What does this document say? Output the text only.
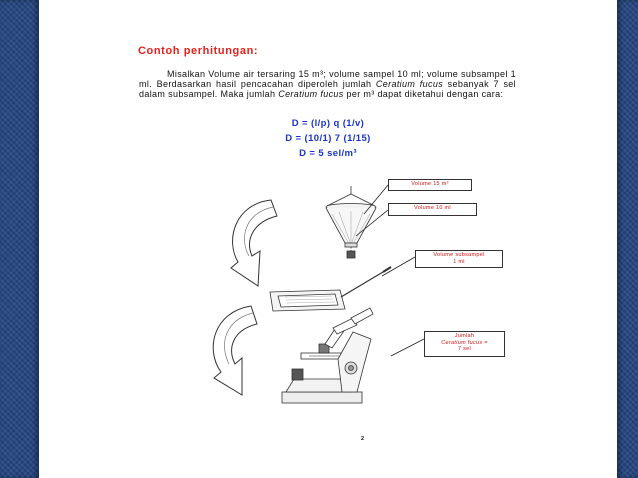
Contoh perhitungan:

Misalkan Volume air tersaring 15 m³; volume sampel 10 ml; volume subsampel 1 ml. Berdasarkan hasil pencacahan diperoleh jumlah Ceratium fucus sebanyak 7 sel dalam subsampel. Maka jumlah Ceratium fucus per m³ dapat diketahui dengan cara:

D = (l/p) q (1/v)

D = (10/1) 7 (1/15)

D = 5 sel/m³

Volume 15 m³
Volume 10 ml
Volume subsampel
1 ml
Jumlah
Ceratium fucus =
7 sel
2
